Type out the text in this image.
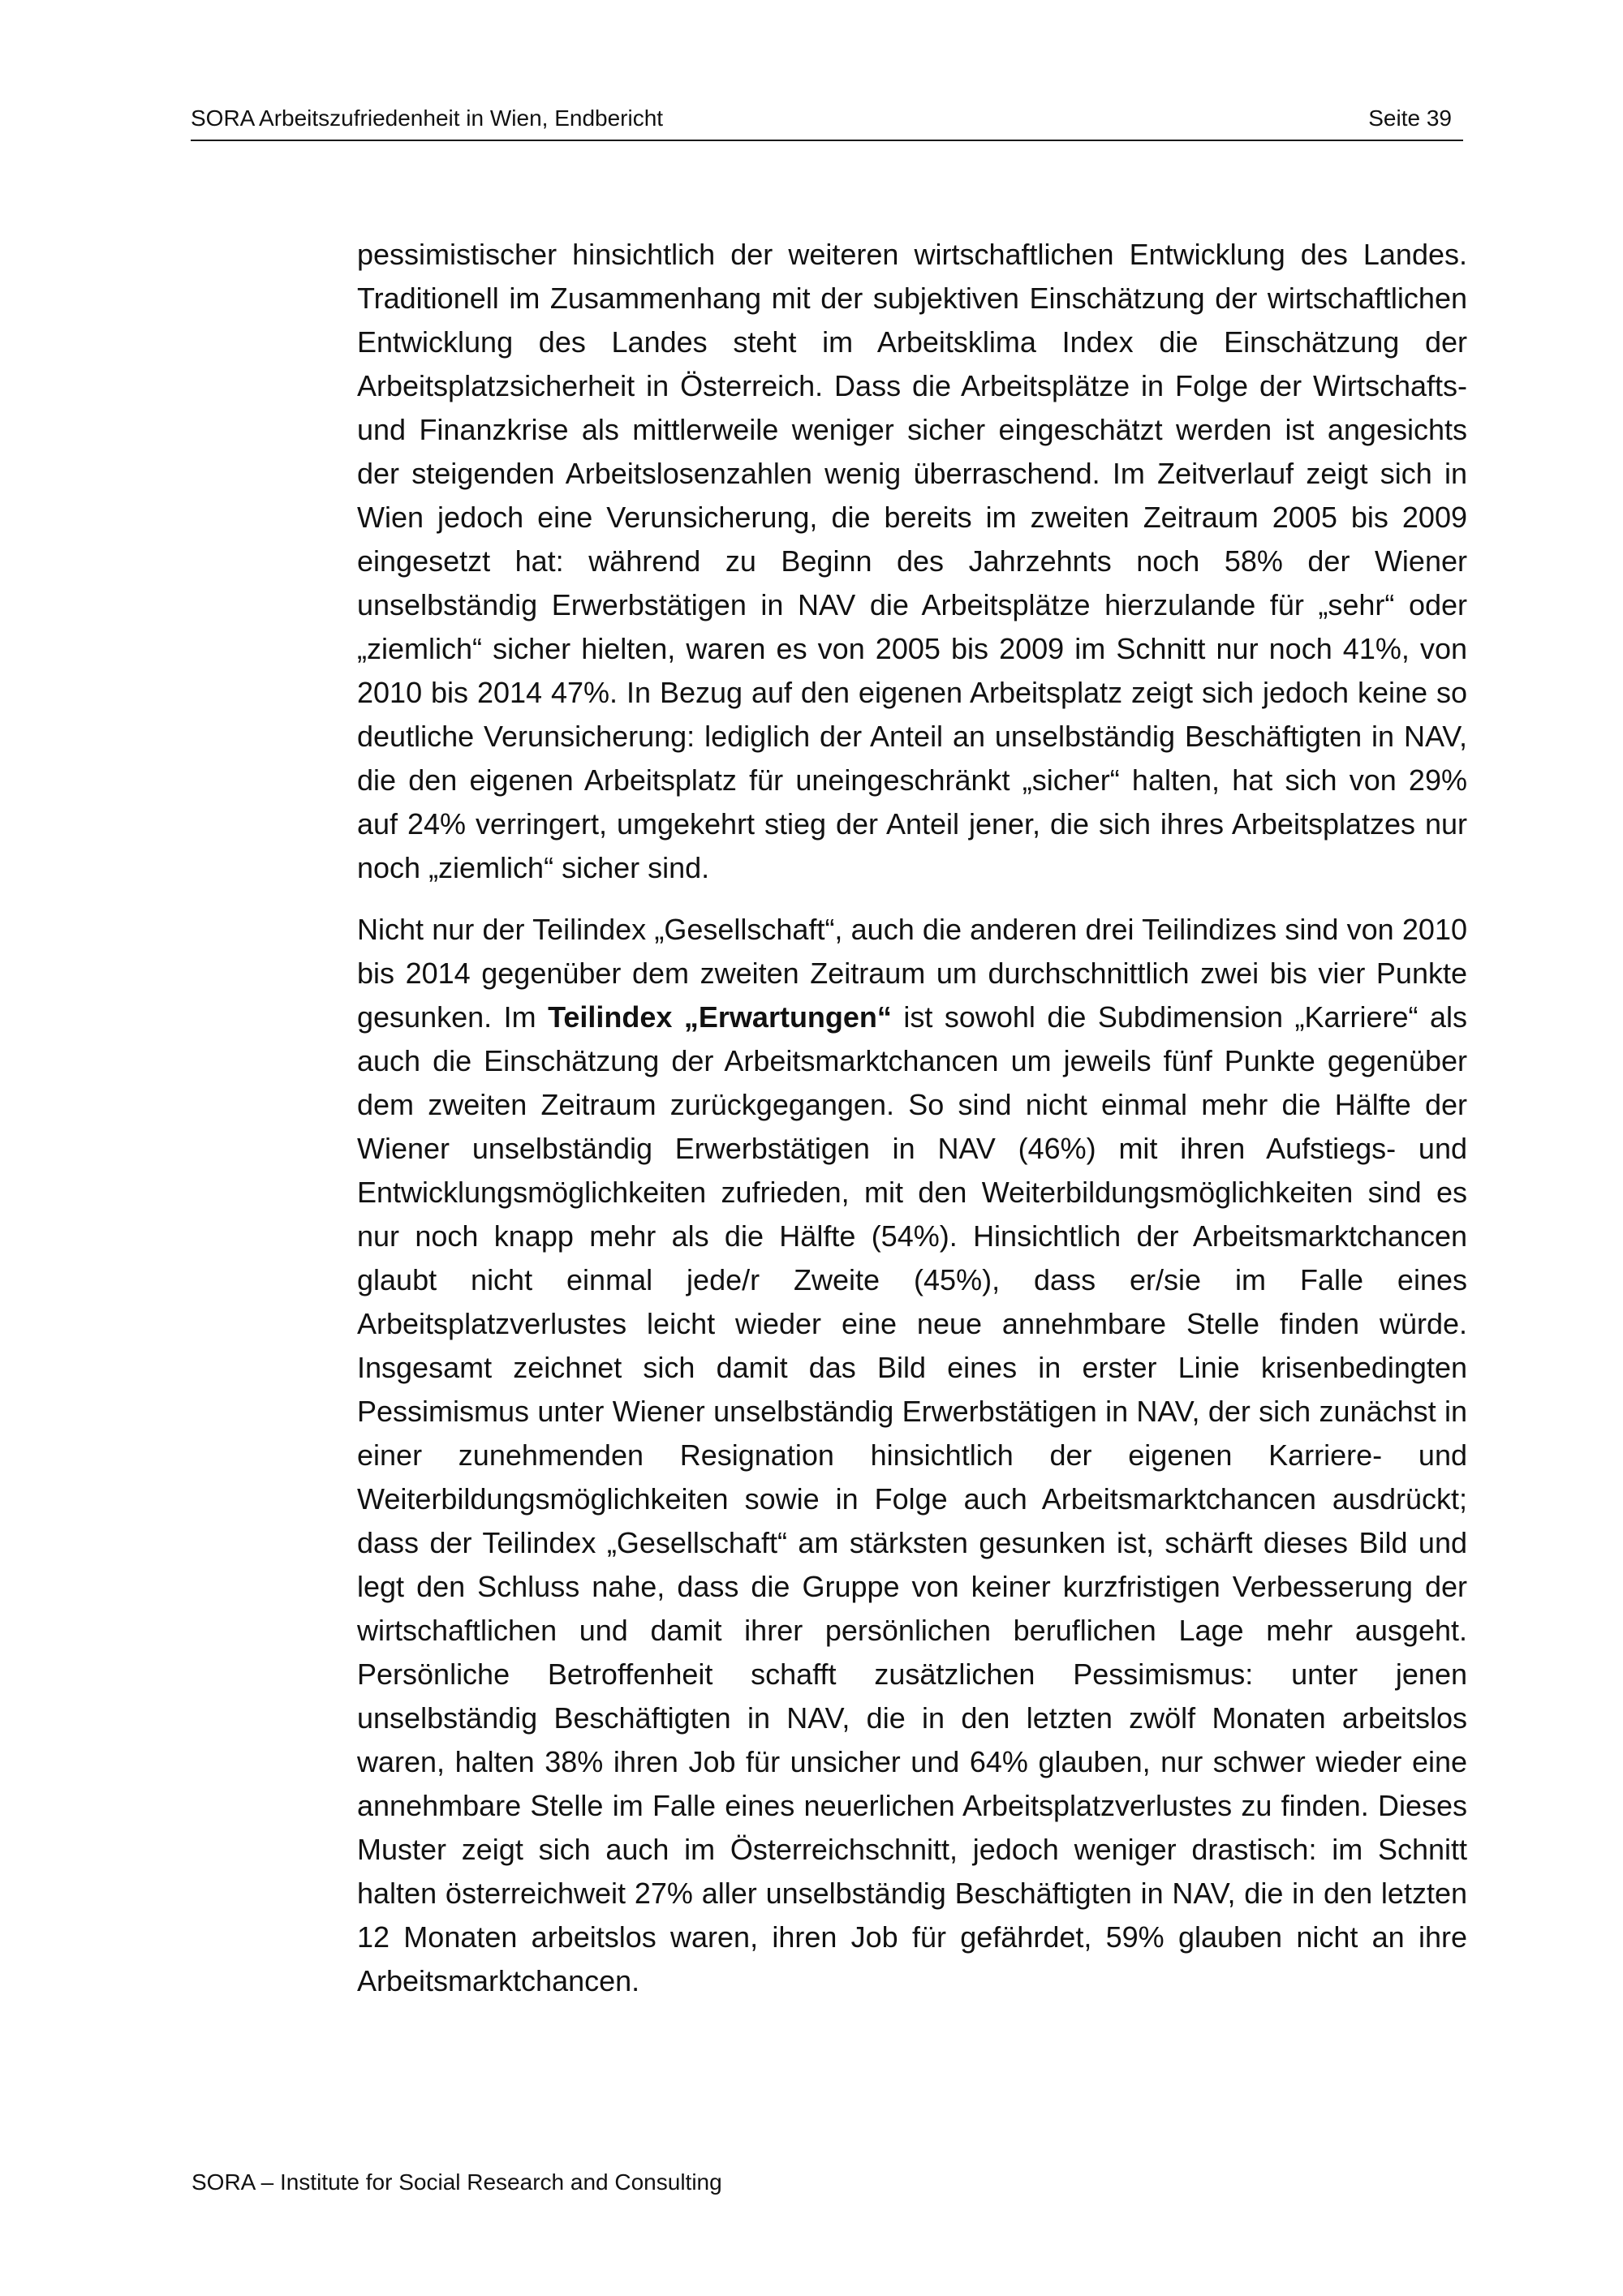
SORA Arbeitszufriedenheit in Wien, Endbericht	Seite 39

pessimistischer hinsichtlich der weiteren wirtschaftlichen Entwicklung des Landes. Traditionell im Zusammenhang mit der subjektiven Einschätzung der wirtschaftlichen Entwicklung des Landes steht im Arbeitsklima Index die Einschätzung der Arbeitsplatzsicherheit in Österreich. Dass die Arbeitsplätze in Folge der Wirtschafts- und Finanzkrise als mittlerweile weniger sicher eingeschätzt werden ist angesichts der steigenden Arbeitslosenzahlen wenig überraschend. Im Zeitverlauf zeigt sich in Wien jedoch eine Verunsicherung, die bereits im zweiten Zeitraum 2005 bis 2009 eingesetzt hat: während zu Beginn des Jahrzehnts noch 58% der Wiener unselbständig Erwerbstätigen in NAV die Arbeitsplätze hierzulande für „sehr“ oder „ziemlich“ sicher hielten, waren es von 2005 bis 2009 im Schnitt nur noch 41%, von 2010 bis 2014 47%. In Bezug auf den eigenen Arbeitsplatz zeigt sich jedoch keine so deutliche Verunsicherung: lediglich der Anteil an unselbständig Beschäftigten in NAV, die den eigenen Arbeitsplatz für uneingeschränkt „sicher“ halten, hat sich von 29% auf 24% verringert, umgekehrt stieg der Anteil jener, die sich ihres Arbeitsplatzes nur noch „ziemlich“ sicher sind.

Nicht nur der Teilindex „Gesellschaft“, auch die anderen drei Teilindizes sind von 2010 bis 2014 gegenüber dem zweiten Zeitraum um durchschnittlich zwei bis vier Punkte gesunken. Im Teilindex „Erwartungen“ ist sowohl die Subdimension „Karriere“ als auch die Einschätzung der Arbeitsmarktchancen um jeweils fünf Punkte gegenüber dem zweiten Zeitraum zurückgegangen. So sind nicht einmal mehr die Hälfte der Wiener unselbständig Erwerbstätigen in NAV (46%) mit ihren Aufstiegs- und Entwicklungsmöglichkeiten zufrieden, mit den Weiterbildungsmöglichkeiten sind es nur noch knapp mehr als die Hälfte (54%). Hinsichtlich der Arbeitsmarktchancen glaubt nicht einmal jede/r Zweite (45%), dass er/sie im Falle eines Arbeitsplatzverlustes leicht wieder eine neue annehmbare Stelle finden würde. Insgesamt zeichnet sich damit das Bild eines in erster Linie krisenbedingten Pessimismus unter Wiener unselbständig Erwerbstätigen in NAV, der sich zunächst in einer zunehmenden Resignation hinsichtlich der eigenen Karriere- und Weiterbildungsmöglichkeiten sowie in Folge auch Arbeitsmarktchancen ausdrückt; dass der Teilindex „Gesellschaft“ am stärksten gesunken ist, schärft dieses Bild und legt den Schluss nahe, dass die Gruppe von keiner kurzfristigen Verbesserung der wirtschaftlichen und damit ihrer persönlichen beruflichen Lage mehr ausgeht. Persönliche Betroffenheit schafft zusätzlichen Pessimismus: unter jenen unselbständig Beschäftigten in NAV, die in den letzten zwölf Monaten arbeitslos waren, halten 38% ihren Job für unsicher und 64% glauben, nur schwer wieder eine annehmbare Stelle im Falle eines neuerlichen Arbeitsplatzverlustes zu finden. Dieses Muster zeigt sich auch im Österreichschnitt, jedoch weniger drastisch: im Schnitt halten österreichweit 27% aller unselbständig Beschäftigten in NAV, die in den letzten 12 Monaten arbeitslos waren, ihren Job für gefährdet, 59% glauben nicht an ihre Arbeitsmarktchancen.

SORA – Institute for Social Research and Consulting
